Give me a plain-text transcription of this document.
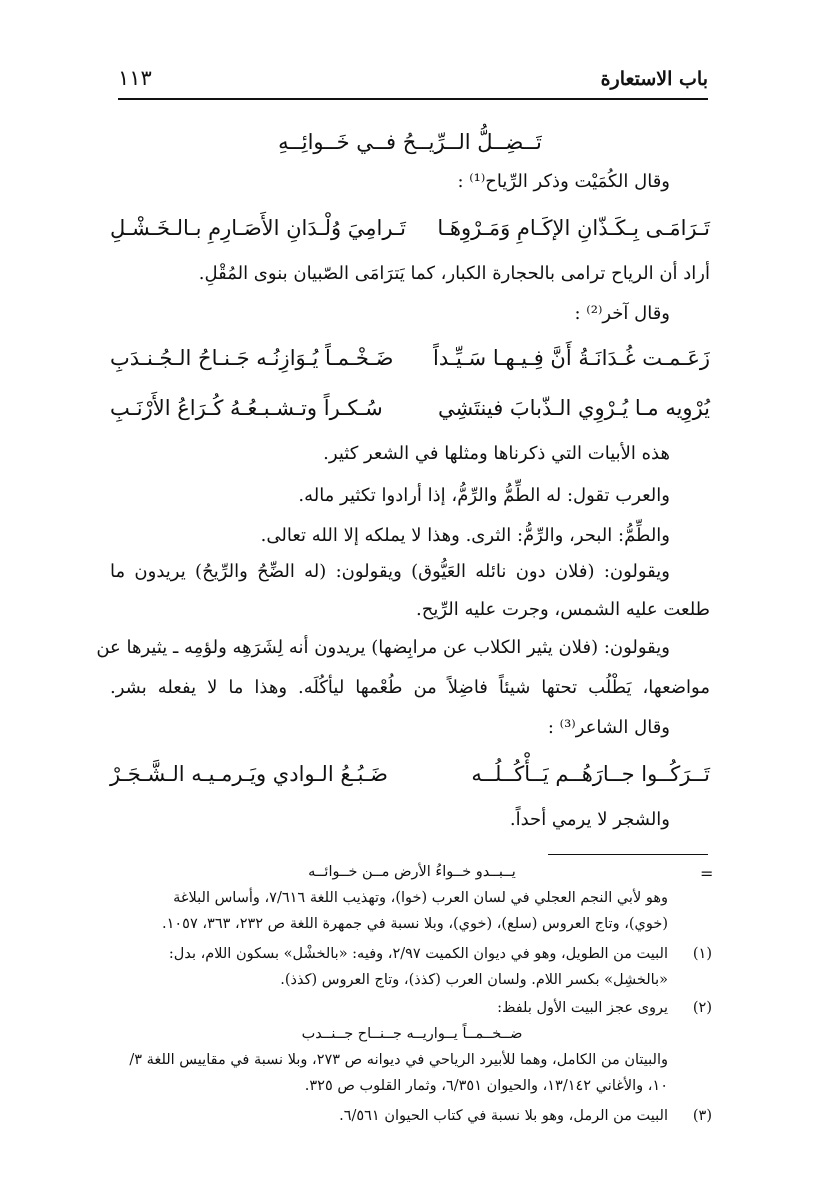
باب الاستعارة
١١٣
تَــضِــلُّ الــرِّيــحُ فــي خَــوائِــهِ
وقال الكُمَيْت وذكر الرِّياح⁽¹⁾ :
تَـرَامَـى بِـكَـذّانِ الإكَـامِ وَمَـرْوِهَـا
تَـرامِيَ وُلْـدَانِ الأَصَـارِمِ بـالـخَـشْـلِ
أراد أن الرياح ترامى بالحجارة الكبار، كما يَترَامَى الصّبيان بنوى المُقْلِ.
وقال آخر⁽²⁾ :
زَعَـمـت غُـدَانَـةُ أَنَّ فِـيـهـا سَـيِّـداً
ضَـخْـمـاً يُـوَازِنُـه جَـنـاحُ الـجُـنـدَبِ
يُرْوِيه مـا يُـرْوِي الـذّبابَ فينتَشِي
سُـكـراً وتـشـبـعُـهُ كُـرَاعُ الأَرْنَـبِ
هذه الأبيات التي ذكرناها ومثلها في الشعر كثير.
والعرب تقول: له الطِّمُّ والرِّمُّ، إذا أرادوا تكثير ماله.
والطِّمُّ: البحر، والرِّمُّ: الثرى. وهذا لا يملكه إلا الله تعالى.
ويقولون: (فلان دون نائله العَيُّوق) ويقولون: (له الضِّحُ والرِّيحُ) يريدون ما
طلعت عليه الشمس، وجرت عليه الرِّيح.
ويقولون: (فلان يثير الكلاب عن مرابِضها) يريدون أنه لِشَرَهِه ولؤمِه ـ يثيرها عن
مواضعها، يَطْلُب تحتها شيئاً فاضِلاً من طُعْمها ليأكُلَه. وهذا ما لا يفعله بشر.
وقال الشاعر⁽³⁾ :
تَــرَكُــوا جــارَهُــم يَــأْكُــلُــه
ضَـبُـعُ الـوادي ويَـرمـيـه الـشَّـجَـرْ
والشجر لا يرمي أحداً.
=
يــبــدو خــواءُ الأرض مــن خــوائــه
وهو لأبي النجم العجلي في لسان العرب (خوا)، وتهذيب اللغة ٧/٦١٦، وأساس البلاغة
(خوي)، وتاج العروس (سلع)، (خوي)، وبلا نسبة في جمهرة اللغة ص ٢٣٢، ٣٦٣، ١٠٥٧.
(١)
البيت من الطويل، وهو في ديوان الكميت ٢/٩٧، وفيه: «بالخشْل» بسكون اللام، بدل:
«بالخشِل» بكسر اللام. ولسان العرب (كذذ)، وتاج العروس (كذذ).
(٢)
يروى عجز البيت الأول بلفظ:
ضــخــمــاً يــواريــه جــنــاح جــنــدب
والبيتان من الكامل، وهما للأبيرد الرياحي في ديوانه ص ٢٧٣، وبلا نسبة في مقاييس اللغة ٣/
١٠، والأغاني ١٣/١٤٢، والحيوان ٦/٣٥١، وثمار القلوب ص ٣٢٥.
(٣)
البيت من الرمل، وهو بلا نسبة في كتاب الحيوان ٦/٥٦١.
